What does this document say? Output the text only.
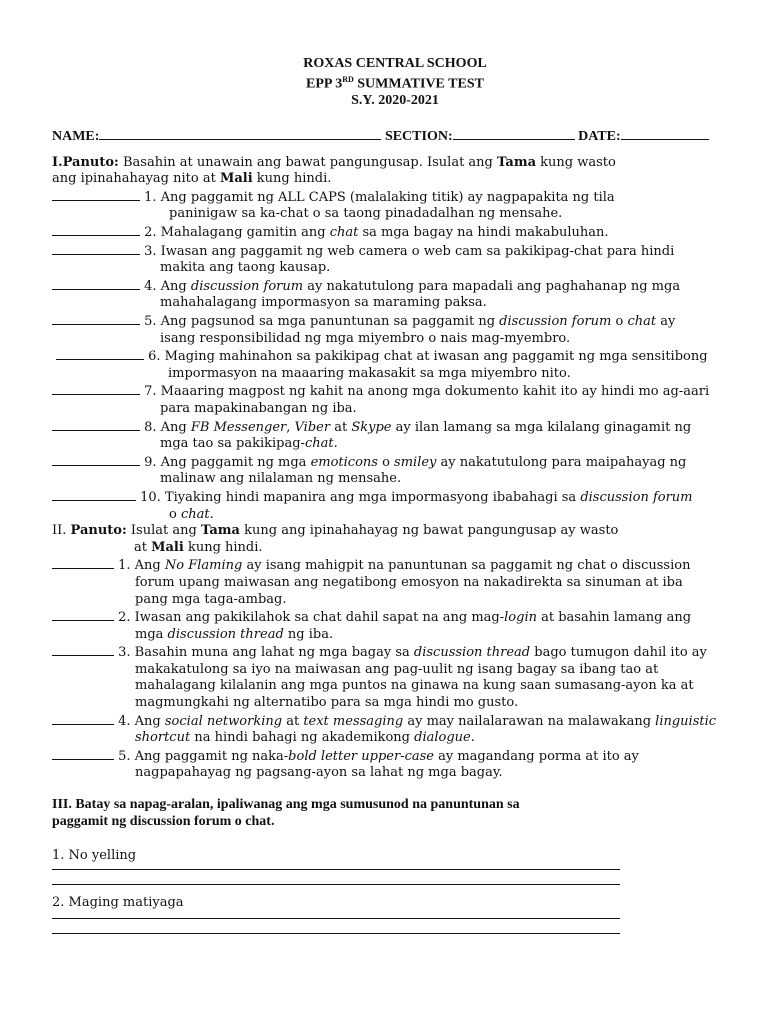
ROXAS CENTRAL SCHOOL
EPP 3RD SUMMATIVE TEST
S.Y. 2020-2021
NAME:	SECTION:	DATE:
I.Panuto: Basahin at unawain ang bawat pangungusap. Isulat ang Tama kung wasto
ang ipinahahayag nito at Mali kung hindi.
1. Ang paggamit ng ALL CAPS (malalaking titik) ay nagpapakita ng tila
paninigaw sa ka-chat o sa taong pinadadalhan ng mensahe.
2. Mahalagang gamitin ang chat sa mga bagay na hindi makabuluhan.
3. Iwasan ang paggamit ng web camera o web cam sa pakikipag-chat para hindi
makita ang taong kausap.
4. Ang discussion forum ay nakatutulong para mapadali ang paghahanap ng mga
mahahalagang impormasyon sa maraming paksa.
5. Ang pagsunod sa mga panuntunan sa paggamit ng discussion forum o chat ay
isang responsibilidad ng mga miyembro o nais mag-myembro.
6. Maging mahinahon sa pakikipag chat at iwasan ang paggamit ng mga sensitibong
impormasyon na maaaring makasakit sa mga miyembro nito.
7. Maaaring magpost ng kahit na anong mga dokumento kahit ito ay hindi mo ag-aari
para mapakinabangan ng iba.
8. Ang FB Messenger, Viber at Skype ay ilan lamang sa mga kilalang ginagamit ng
mga tao sa pakikipag-chat.
9. Ang paggamit ng mga emoticons o smiley ay nakatutulong para maipahayag ng
malinaw ang nilalaman ng mensahe.
10. Tiyaking hindi mapanira ang mga impormasyong ibabahagi sa discussion forum
o chat.
II. Panuto: Isulat ang Tama kung ang ipinahahayag ng bawat pangungusap ay wasto
at Mali kung hindi.
1. Ang No Flaming ay isang mahigpit na panuntunan sa paggamit ng chat o discussion
forum upang maiwasan ang negatibong emosyon na nakadirekta sa sinuman at iba
pang mga taga-ambag.
2. Iwasan ang pakikilahok sa chat dahil sapat na ang mag-login at basahin lamang ang
mga discussion thread ng iba.
3. Basahin muna ang lahat ng mga bagay sa discussion thread bago tumugon dahil ito ay
makakatulong sa iyo na maiwasan ang pag-uulit ng isang bagay sa ibang tao at
mahalagang kilalanin ang mga puntos na ginawa na kung saan sumasang-ayon ka at
magmungkahi ng alternatibo para sa mga hindi mo gusto.
4. Ang social networking at text messaging ay may nailalarawan na malawakang linguistic
shortcut na hindi bahagi ng akademikong dialogue.
5. Ang paggamit ng naka-bold letter upper-case ay magandang porma at ito ay
nagpapahayag ng pagsang-ayon sa lahat ng mga bagay.
III. Batay sa napag-aralan, ipaliwanag ang mga sumusunod na panuntunan sa
paggamit ng discussion forum o chat.
1. No yelling
2. Maging matiyaga
